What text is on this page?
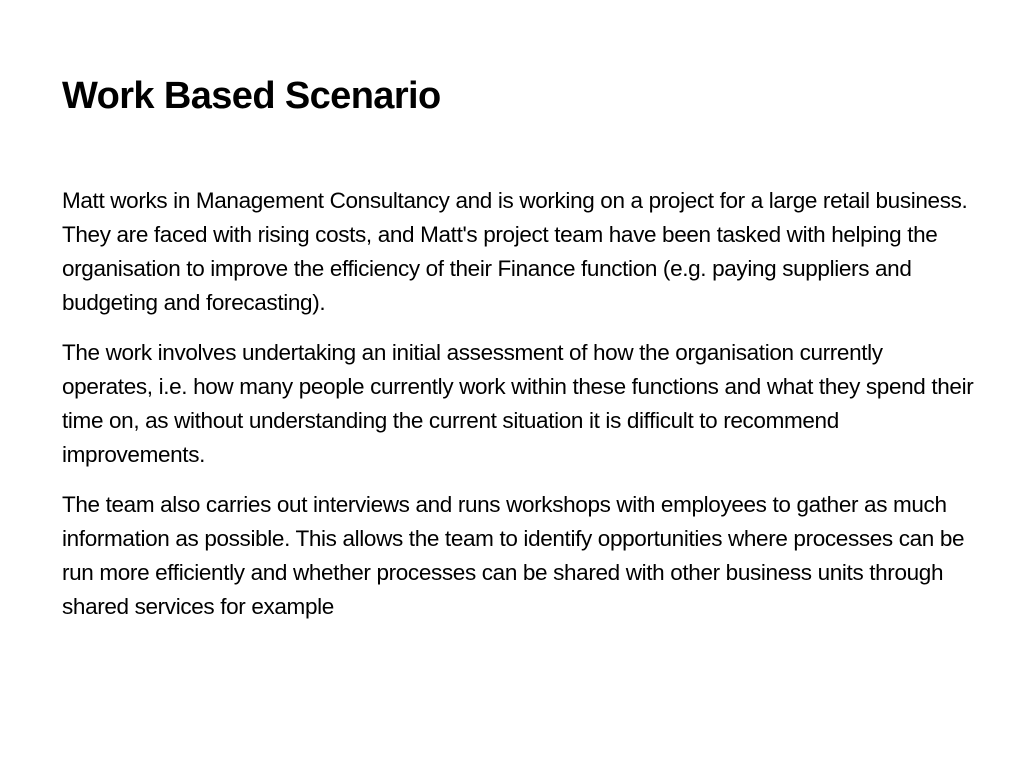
Work Based Scenario

Matt works in Management Consultancy and is working on a project for a large retail business. They are faced with rising costs, and Matt's project team have been tasked with helping the organisation to improve the efficiency of their Finance function (e.g. paying suppliers and budgeting and forecasting).

The work involves undertaking an initial assessment of how the organisation currently operates, i.e. how many people currently work within these functions and what they spend their time on, as without understanding the current situation it is difficult to recommend improvements.

The team also carries out interviews and runs workshops with employees to gather as much information as possible. This allows the team to identify opportunities where processes can be run more efficiently and whether processes can be shared with other business units through shared services for example
